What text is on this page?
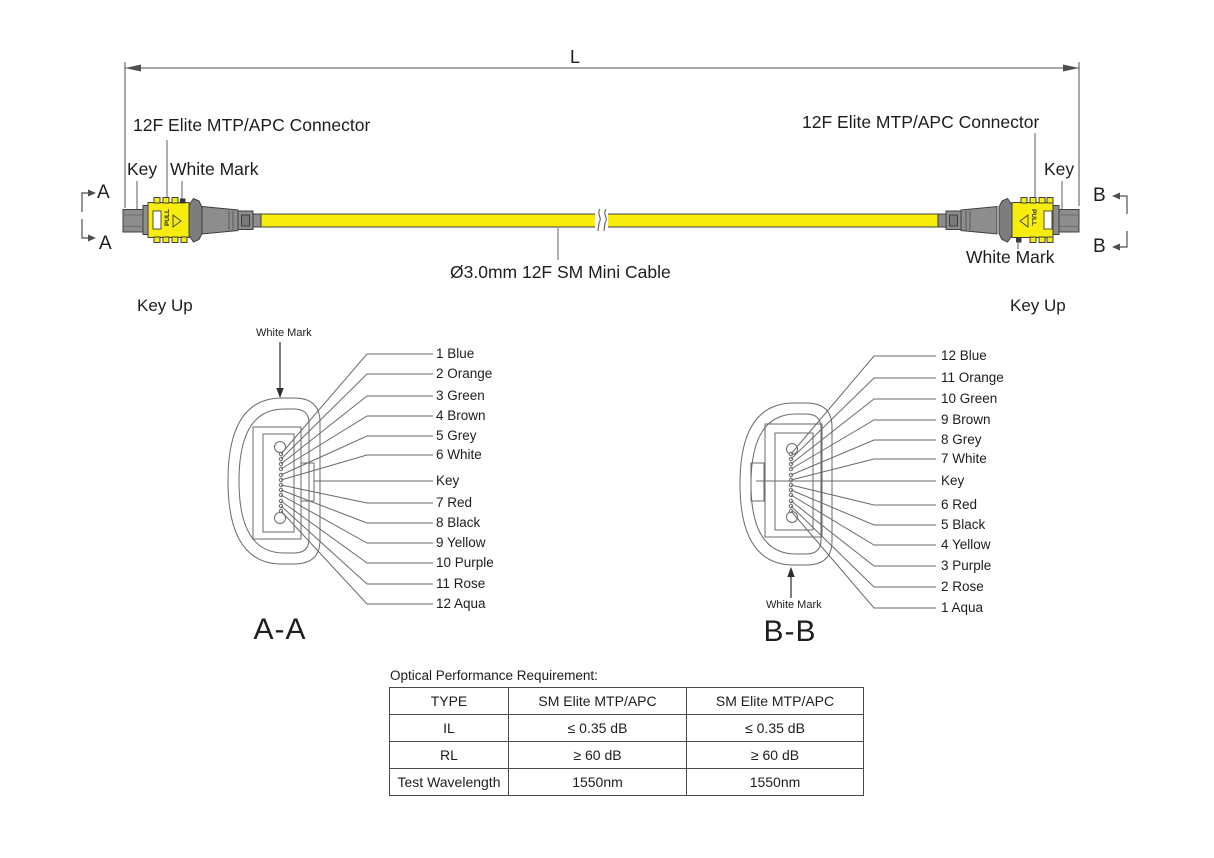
L
12F Elite MTP/APC Connector
Key White Mark
A
A
Key Up
PULL
12F Elite MTP/APC Connector
Key
White Mark
B
B
Key Up
PULL
Ø3.0mm 12F SM Mini Cable
White Mark
1 Blue
2 Orange
3 Green
4 Brown
5 Grey
6 White
Key
7 Red
8 Black
9 Yellow
10 Purple
11 Rose
12 Aqua
A-A
White Mark
12 Blue
11 Orange
10 Green
9 Brown
8 Grey
7 White
Key
6 Red
5 Black
4 Yellow
3 Purple
2 Rose
1 Aqua
B-B
Optical Performance Requirement:
TYPE	SM Elite MTP/APC	SM Elite MTP/APC
IL	≤ 0.35 dB	≤ 0.35 dB
RL	≥ 60 dB	≥ 60 dB
Test Wavelength	1550nm	1550nm
